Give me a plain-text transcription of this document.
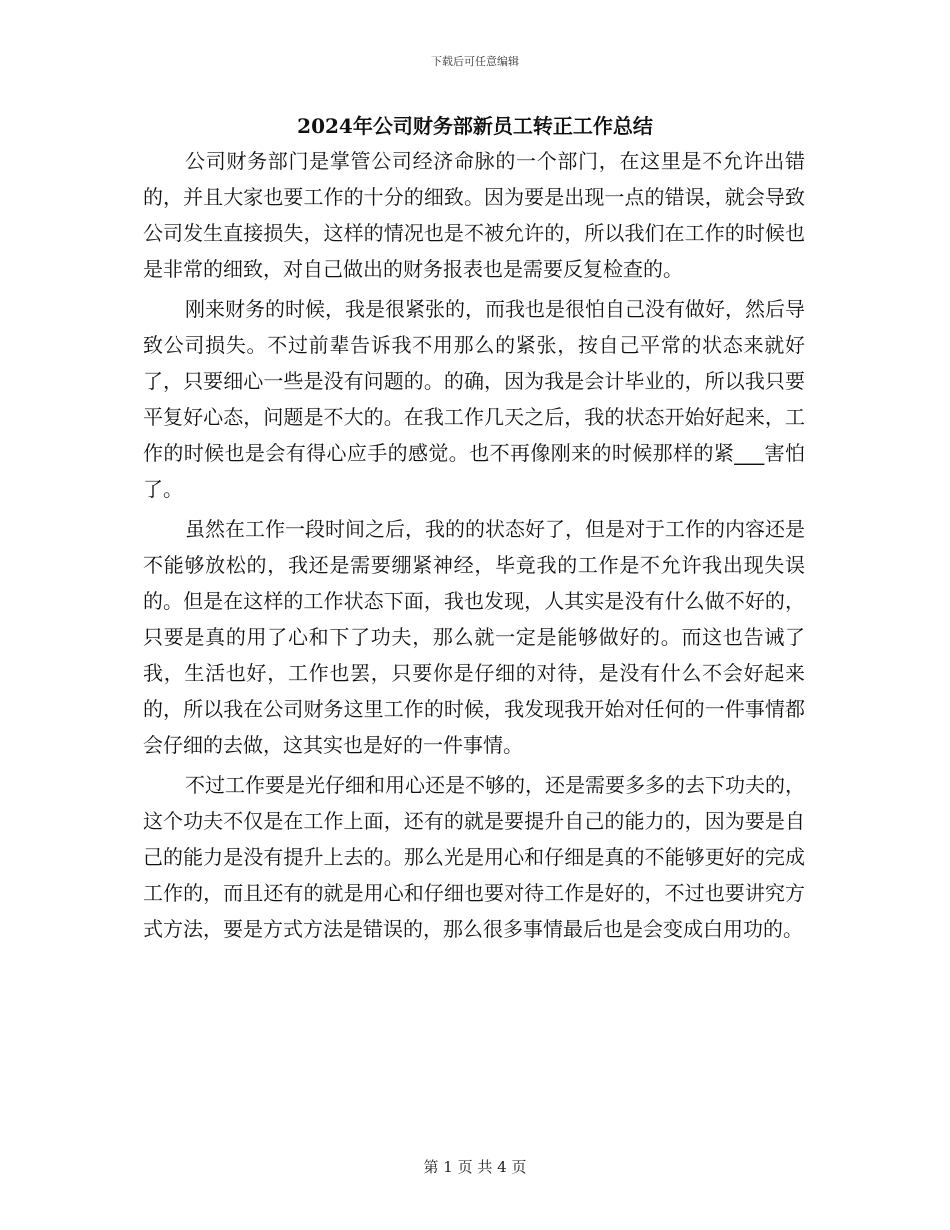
下载后可任意编辑
2024年公司财务部新员工转正工作总结

公司财务部门是掌管公司经济命脉的一个部门，在这里是不允许出错的，并且大家也要工作的十分的细致。因为要是出现一点的错误，就会导致公司发生直接损失，这样的情况也是不被允许的，所以我们在工作的时候也是非常的细致，对自己做出的财务报表也是需要反复检查的。

刚来财务的时候，我是很紧张的，而我也是很怕自己没有做好，然后导致公司损失。不过前辈告诉我不用那么的紧张，按自己平常的状态来就好了，只要细心一些是没有问题的。的确，因为我是会计毕业的，所以我只要平复好心态，问题是不大的。在我工作几天之后，我的状态开始好起来，工作的时候也是会有得心应手的感觉。也不再像刚来的时候那样的紧___害怕了。

虽然在工作一段时间之后，我的的状态好了，但是对于工作的内容还是不能够放松的，我还是需要绷紧神经，毕竟我的工作是不允许我出现失误的。但是在这样的工作状态下面，我也发现，人其实是没有什么做不好的，只要是真的用了心和下了功夫，那么就一定是能够做好的。而这也告诫了我，生活也好，工作也罢，只要你是仔细的对待，是没有什么不会好起来的，所以我在公司财务这里工作的时候，我发现我开始对任何的一件事情都会仔细的去做，这其实也是好的一件事情。

不过工作要是光仔细和用心还是不够的，还是需要多多的去下功夫的，这个功夫不仅是在工作上面，还有的就是要提升自己的能力的，因为要是自己的能力是没有提升上去的。那么光是用心和仔细是真的不能够更好的完成工作的，而且还有的就是用心和仔细也要对待工作是好的，不过也要讲究方式方法，要是方式方法是错误的，那么很多事情最后也是会变成白用功的。

第 1 页 共 4 页
